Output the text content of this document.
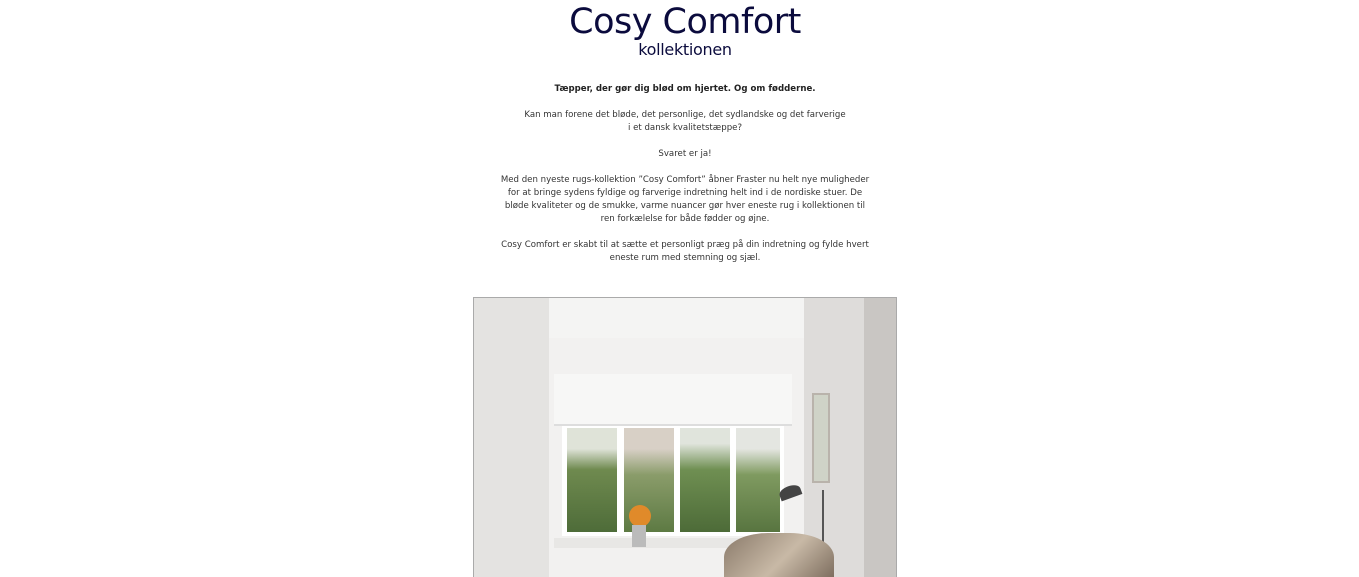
Cosy Comfort
kollektionen

Tæpper, der gør dig blød om hjertet. Og om fødderne.

Kan man forene det bløde, det personlige, det sydlandske og det farverige
i et dansk kvalitetstæppe?

Svaret er ja!

Med den nyeste rugs-kollektion ”Cosy Comfort” åbner Fraster nu helt nye muligheder
for at bringe sydens fyldige og farverige indretning helt ind i de nordiske stuer. De
bløde kvaliteter og de smukke, varme nuancer gør hver eneste rug i kollektionen til
ren forkælelse for både fødder og øjne.

Cosy Comfort er skabt til at sætte et personligt præg på din indretning og fylde hvert
eneste rum med stemning og sjæl.
